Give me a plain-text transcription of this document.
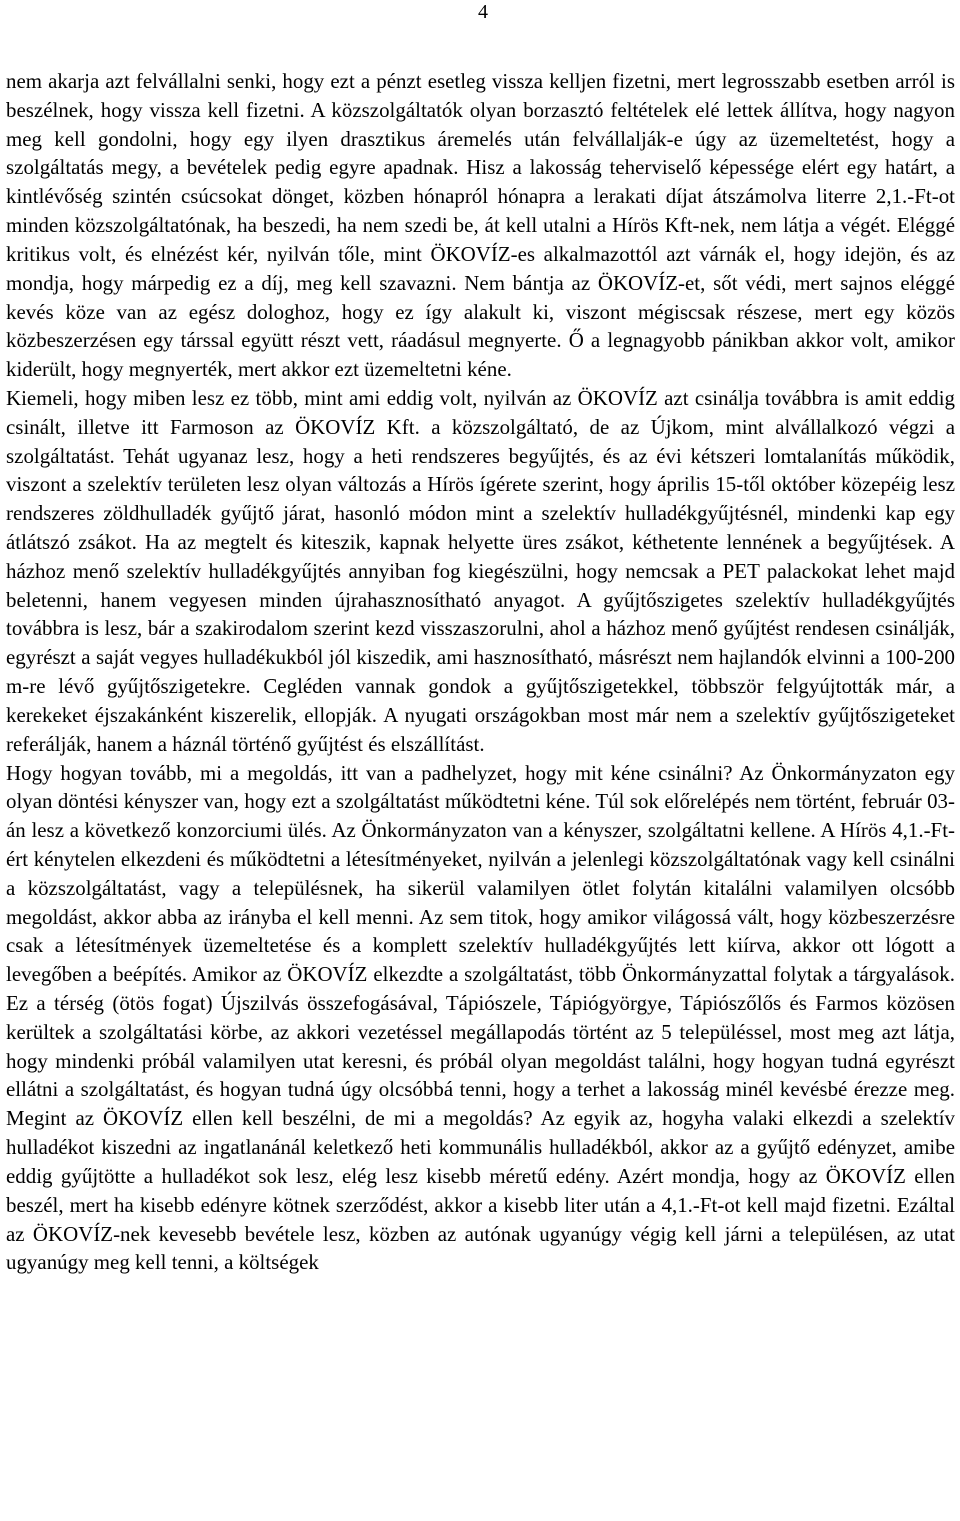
4

nem akarja azt felvállalni senki, hogy ezt a pénzt esetleg vissza kelljen fizetni, mert legrosszabb esetben arról is beszélnek, hogy vissza kell fizetni. A közszolgáltatók olyan borzasztó feltételek elé lettek állítva, hogy nagyon meg kell gondolni, hogy egy ilyen drasztikus áremelés után felvállalják-e úgy az üzemeltetést, hogy a szolgáltatás megy, a bevételek pedig egyre apadnak. Hisz a lakosság teherviselő képessége elért egy határt, a kintlévőség szintén csúcsokat dönget, közben hónapról hónapra a lerakati díjat átszámolva literre 2,1.-Ft-ot minden közszolgáltatónak, ha beszedi, ha nem szedi be, át kell utalni a Hírös Kft-nek, nem látja a végét. Eléggé kritikus volt, és elnézést kér, nyilván tőle, mint ÖKOVÍZ-es alkalmazottól azt várnák el, hogy idejön, és az mondja, hogy márpedig ez a díj, meg kell szavazni. Nem bántja az ÖKOVÍZ-et, sőt védi, mert sajnos eléggé kevés köze van az egész dologhoz, hogy ez így alakult ki, viszont mégiscsak részese, mert egy közös közbeszerzésen egy társsal együtt részt vett, ráadásul megnyerte. Ő a legnagyobb pánikban akkor volt, amikor kiderült, hogy megnyerték, mert akkor ezt üzemeltetni kéne.

Kiemeli, hogy miben lesz ez több, mint ami eddig volt, nyilván az ÖKOVÍZ azt csinálja továbbra is amit eddig csinált, illetve itt Farmoson az ÖKOVÍZ Kft. a közszolgáltató, de az Újkom, mint alvállalkozó végzi a szolgáltatást. Tehát ugyanaz lesz, hogy a heti rendszeres begyűjtés, és az évi kétszeri lomtalanítás működik, viszont a szelektív területen lesz olyan változás a Hírös ígérete szerint, hogy április 15-től október közepéig lesz rendszeres zöldhulladék gyűjtő járat, hasonló módon mint a szelektív hulladékgyűjtésnél, mindenki kap egy átlátszó zsákot. Ha az megtelt és kiteszik, kapnak helyette üres zsákot, kéthetente lennének a begyűjtések. A házhoz menő szelektív hulladékgyűjtés annyiban fog kiegészülni, hogy nemcsak a PET palackokat lehet majd beletenni, hanem vegyesen minden újrahasznosítható anyagot. A gyűjtőszigetes szelektív hulladékgyűjtés továbbra is lesz, bár a szakirodalom szerint kezd visszaszorulni, ahol a házhoz menő gyűjtést rendesen csinálják, egyrészt a saját vegyes hulladékukból jól kiszedik, ami hasznosítható, másrészt nem hajlandók elvinni a 100-200 m-re lévő gyűjtőszigetekre. Cegléden vannak gondok a gyűjtőszigetekkel, többször felgyújtották már, a kerekeket éjszakánként kiszerelik, ellopják. A nyugati országokban most már nem a szelektív gyűjtőszigeteket referálják, hanem a háznál történő gyűjtést és elszállítást.

Hogy hogyan tovább, mi a megoldás, itt van a padhelyzet, hogy mit kéne csinálni? Az Önkormányzaton egy olyan döntési kényszer van, hogy ezt a szolgáltatást működtetni kéne. Túl sok előrelépés nem történt, február 03-án lesz a következő konzorciumi ülés. Az Önkormányzaton van a kényszer, szolgáltatni kellene. A Hírös 4,1.-Ft-ért kénytelen elkezdeni és működtetni a létesítményeket, nyilván a jelenlegi közszolgáltatónak vagy kell csinálni a közszolgáltatást, vagy a településnek, ha sikerül valamilyen ötlet folytán kitalálni valamilyen olcsóbb megoldást, akkor abba az irányba el kell menni. Az sem titok, hogy amikor világossá vált, hogy közbeszerzésre csak a létesítmények üzemeltetése és a komplett szelektív hulladékgyűjtés lett kiírva, akkor ott lógott a levegőben a beépítés. Amikor az ÖKOVÍZ elkezdte a szolgáltatást, több Önkormányzattal folytak a tárgyalások. Ez a térség (ötös fogat) Újszilvás összefogásával, Tápiószele, Tápiógyörgye, Tápiószőlős és Farmos közösen kerültek a szolgáltatási körbe, az akkori vezetéssel megállapodás történt az 5 településsel, most meg azt látja, hogy mindenki próbál valamilyen utat keresni, és próbál olyan megoldást találni, hogy hogyan tudná egyrészt ellátni a szolgáltatást, és hogyan tudná úgy olcsóbbá tenni, hogy a terhet a lakosság minél kevésbé érezze meg. Megint az ÖKOVÍZ ellen kell beszélni, de mi a megoldás? Az egyik az, hogyha valaki elkezdi a szelektív hulladékot kiszedni az ingatlanánál keletkező heti kommunális hulladékból, akkor az a gyűjtő edényzet, amibe eddig gyűjtötte a hulladékot sok lesz, elég lesz kisebb méretű edény. Azért mondja, hogy az ÖKOVÍZ ellen beszél, mert ha kisebb edényre kötnek szerződést, akkor a kisebb liter után a 4,1.-Ft-ot kell majd fizetni. Ezáltal az ÖKOVÍZ-nek kevesebb bevétele lesz, közben az autónak ugyanúgy végig kell járni a településen, az utat ugyanúgy meg kell tenni, a költségek
